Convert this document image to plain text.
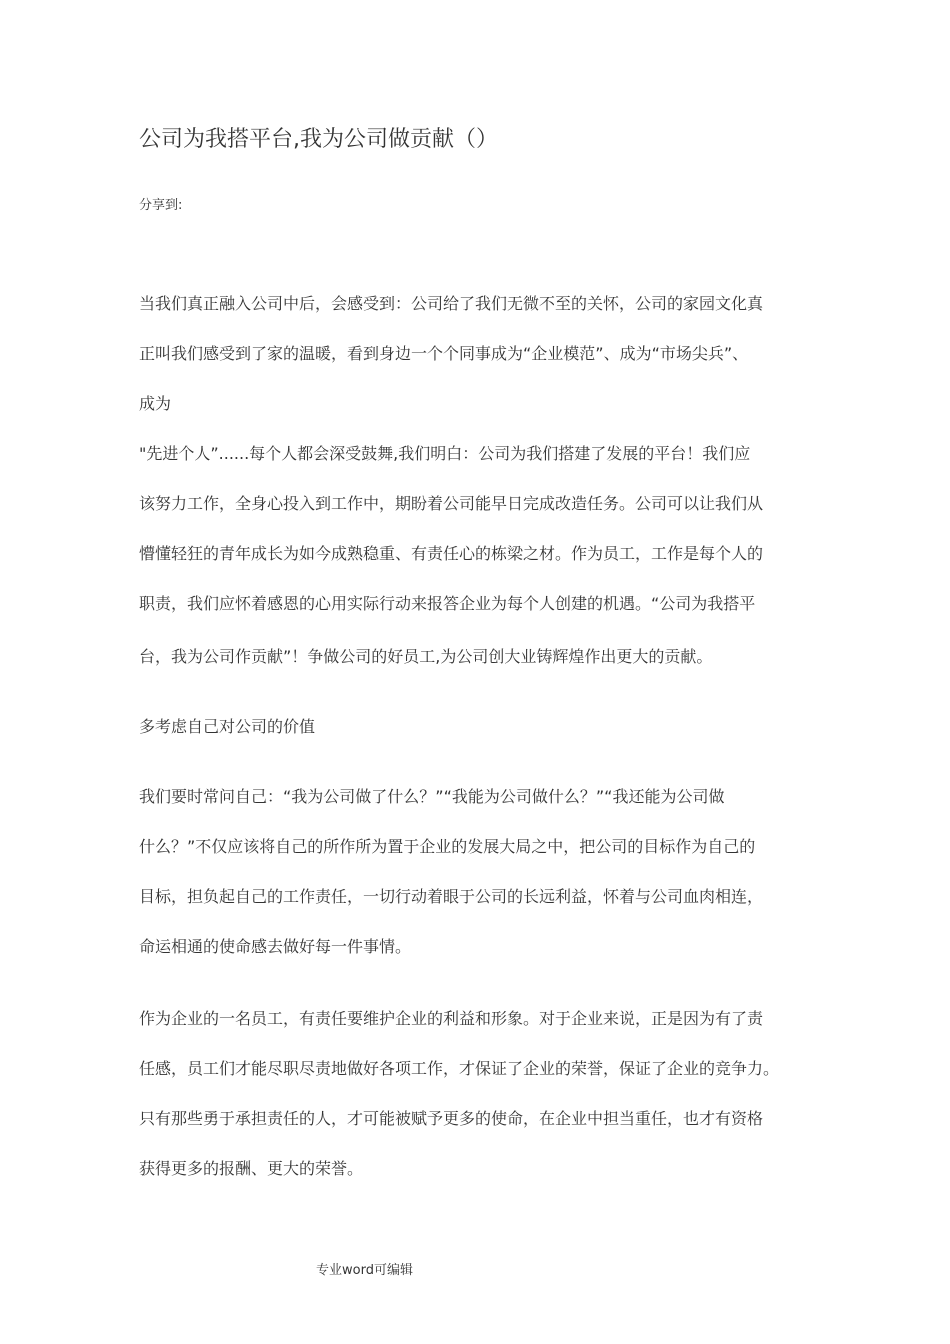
公司为我搭平台,我为公司做贡献（）
分享到:
当我们真正融入公司中后，会感受到：公司给了我们无微不至的关怀，公司的家园文化真
正叫我们感受到了家的温暖，看到身边一个个同事成为“企业模范”、成为“市场尖兵”、
成为
"先进个人”......每个人都会深受鼓舞,我们明白：公司为我们搭建了发展的平台！我们应
该努力工作，全身心投入到工作中，期盼着公司能早日完成改造任务。公司可以让我们从
懵懂轻狂的青年成长为如今成熟稳重、有责任心的栋梁之材。作为员工，工作是每个人的
职责，我们应怀着感恩的心用实际行动来报答企业为每个人创建的机遇。“公司为我搭平
台，我为公司作贡献”！争做公司的好员工,为公司创大业铸辉煌作出更大的贡献。
多考虑自己对公司的价值
我们要时常问自己：“我为公司做了什么？”“我能为公司做什么？”“我还能为公司做
什么？”不仅应该将自己的所作所为置于企业的发展大局之中，把公司的目标作为自己的
目标，担负起自己的工作责任，一切行动着眼于公司的长远利益，怀着与公司血肉相连，
命运相通的使命感去做好每一件事情。
作为企业的一名员工，有责任要维护企业的利益和形象。对于企业来说，正是因为有了责
任感，员工们才能尽职尽责地做好各项工作，才保证了企业的荣誉，保证了企业的竞争力。
只有那些勇于承担责任的人，才可能被赋予更多的使命，在企业中担当重任，也才有资格
获得更多的报酬、更大的荣誉。
专业word可编辑
